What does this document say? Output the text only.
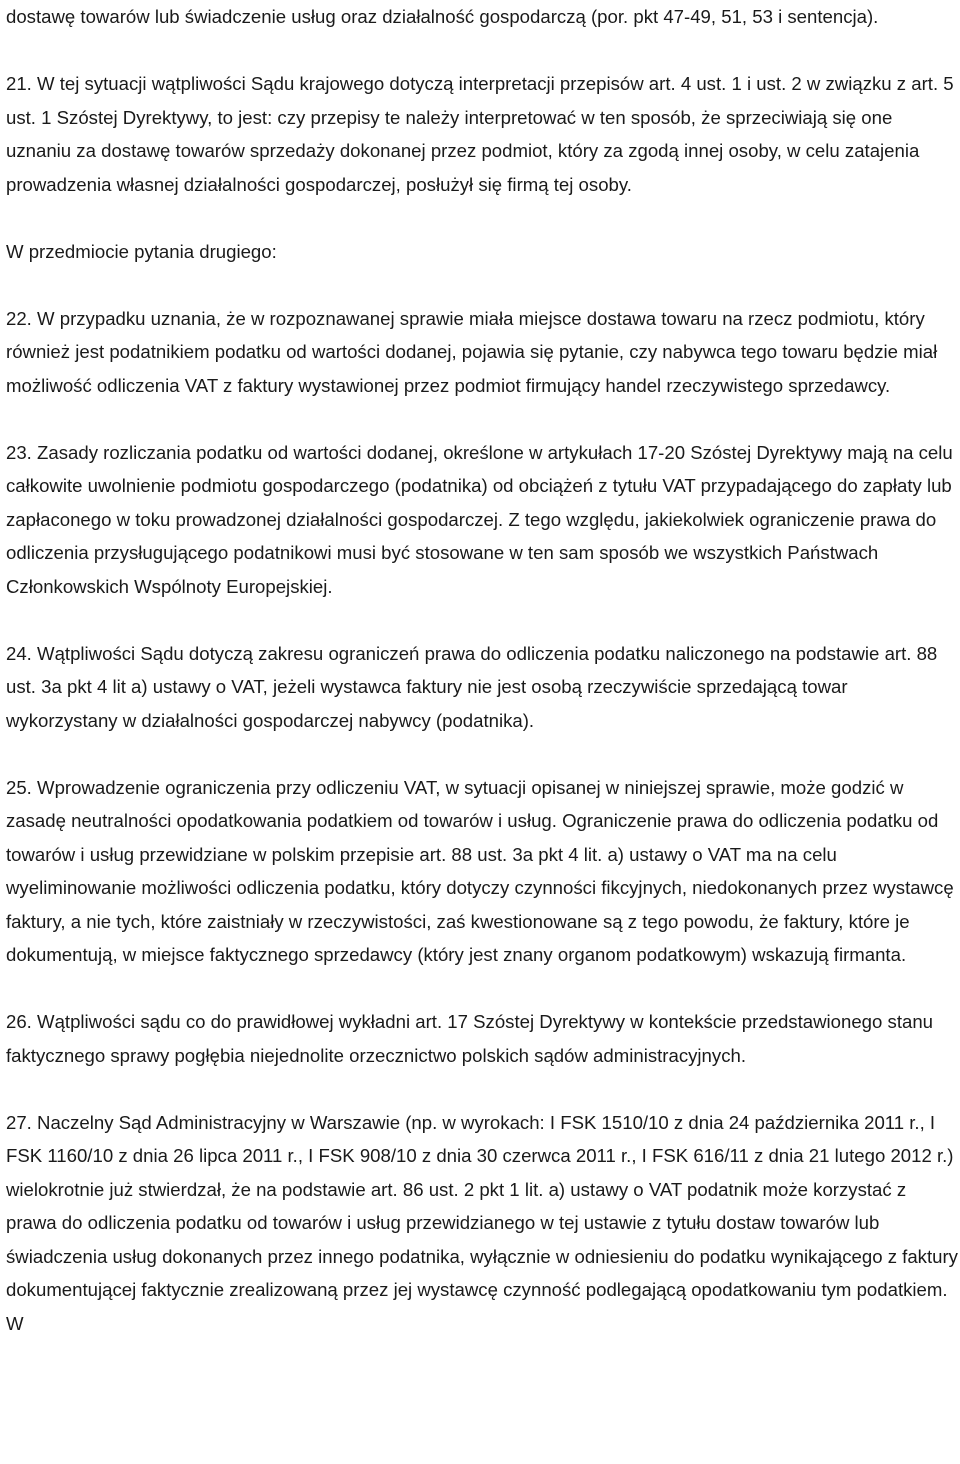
dostawę towarów lub świadczenie usług oraz działalność gospodarczą (por. pkt 47-49, 51, 53 i sentencja).

21. W tej sytuacji wątpliwości Sądu krajowego dotyczą interpretacji przepisów art. 4 ust. 1 i ust. 2 w związku z art. 5 ust. 1 Szóstej Dyrektywy, to jest: czy przepisy te należy interpretować w ten sposób, że sprzeciwiają się one uznaniu za dostawę towarów sprzedaży dokonanej przez podmiot, który za zgodą innej osoby, w celu zatajenia prowadzenia własnej działalności gospodarczej, posłużył się firmą tej osoby.

W przedmiocie pytania drugiego:

22. W przypadku uznania, że w rozpoznawanej sprawie miała miejsce dostawa towaru na rzecz podmiotu, który również jest podatnikiem podatku od wartości dodanej, pojawia się pytanie, czy nabywca tego towaru będzie miał możliwość odliczenia VAT z faktury wystawionej przez podmiot firmujący handel rzeczywistego sprzedawcy.

23. Zasady rozliczania podatku od wartości dodanej, określone w artykułach 17-20 Szóstej Dyrektywy mają na celu całkowite uwolnienie podmiotu gospodarczego (podatnika) od obciążeń z tytułu VAT przypadającego do zapłaty lub zapłaconego w toku prowadzonej działalności gospodarczej. Z tego względu, jakiekolwiek ograniczenie prawa do odliczenia przysługującego podatnikowi musi być stosowane w ten sam sposób we wszystkich Państwach Członkowskich Wspólnoty Europejskiej.

24. Wątpliwości Sądu dotyczą zakresu ograniczeń prawa do odliczenia podatku naliczonego na podstawie art. 88 ust. 3a pkt 4 lit a) ustawy o VAT, jeżeli wystawca faktury nie jest osobą rzeczywiście sprzedającą towar wykorzystany w działalności gospodarczej nabywcy (podatnika).

25. Wprowadzenie ograniczenia przy odliczeniu VAT, w sytuacji opisanej w niniejszej sprawie, może godzić w zasadę neutralności opodatkowania podatkiem od towarów i usług. Ograniczenie prawa do odliczenia podatku od towarów i usług przewidziane w polskim przepisie art. 88 ust. 3a pkt 4 lit. a) ustawy o VAT ma na celu wyeliminowanie możliwości odliczenia podatku, który dotyczy czynności fikcyjnych, niedokonanych przez wystawcę faktury, a nie tych, które zaistniały w rzeczywistości, zaś kwestionowane są z tego powodu, że faktury, które je dokumentują, w miejsce faktycznego sprzedawcy (który jest znany organom podatkowym) wskazują firmanta.

26. Wątpliwości sądu co do prawidłowej wykładni art. 17 Szóstej Dyrektywy w kontekście przedstawionego stanu faktycznego sprawy pogłębia niejednolite orzecznictwo polskich sądów administracyjnych.

27. Naczelny Sąd Administracyjny w Warszawie (np. w wyrokach: I FSK 1510/10 z dnia 24 października 2011 r., I FSK 1160/10 z dnia 26 lipca 2011 r., I FSK 908/10 z dnia 30 czerwca 2011 r., I FSK 616/11 z dnia 21 lutego 2012 r.) wielokrotnie już stwierdzał, że na podstawie art. 86 ust. 2 pkt 1 lit. a) ustawy o VAT podatnik może korzystać z prawa do odliczenia podatku od towarów i usług przewidzianego w tej ustawie z tytułu dostaw towarów lub świadczenia usług dokonanych przez innego podatnika, wyłącznie w odniesieniu do podatku wynikającego z faktury dokumentującej faktycznie zrealizowaną przez jej wystawcę czynność podlegającą opodatkowaniu tym podatkiem. W
